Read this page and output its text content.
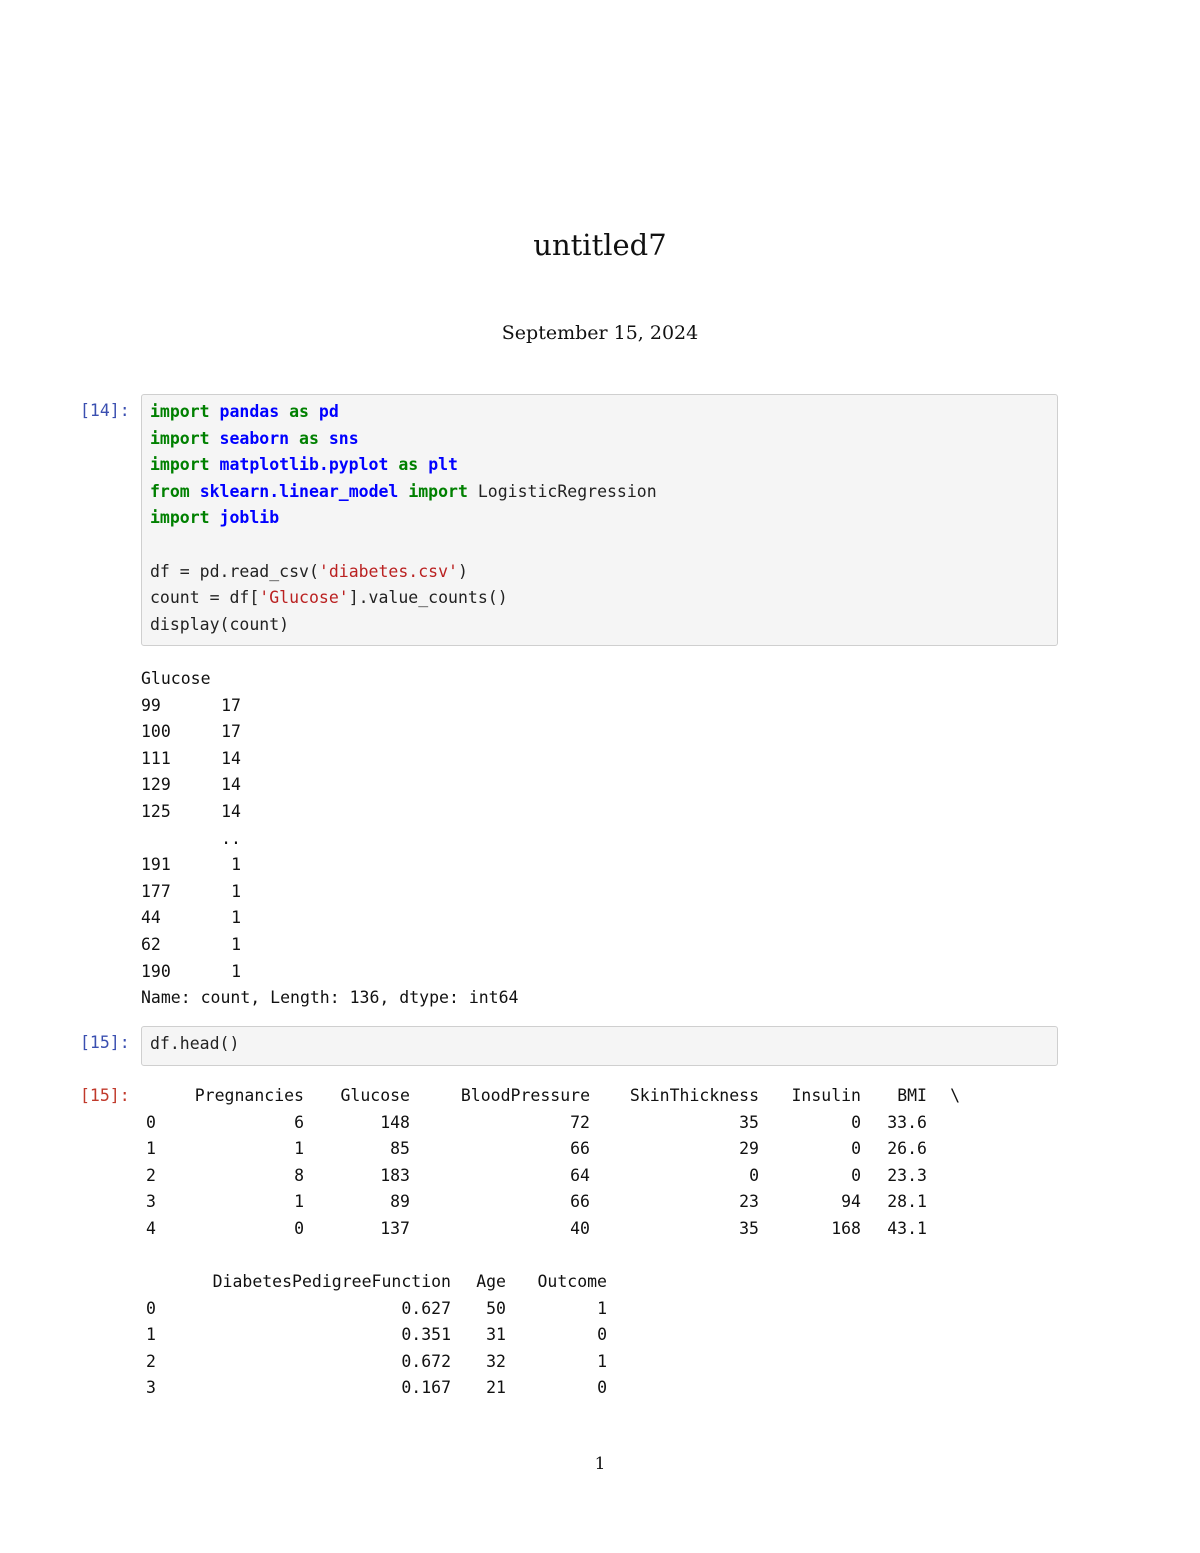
untitled7
September 15, 2024
[14]:	import pandas as pd
import seaborn as sns
import matplotlib.pyplot as plt
from sklearn.linear_model import LogisticRegression
import joblib
df = pd.read_csv('diabetes.csv')
count = df['Glucose'].value_counts()
display(count)
Glucose
99	17
100	17
111	14
129	14
125	14
	..
191	1
177	1
44	1
62	1
190	1
Name: count, Length: 136, dtype: int64
[15]:	df.head()
[15]:
		Pregnancies	Glucose	BloodPressure	SkinThickness	Insulin	BMI	\
0	6	148	72	35	0	33.6	
1	1	85	66	29	0	26.6	
2	8	183	64	0	0	23.3	
3	1	89	66	23	94	28.1	
4	0	137	40	35	168	43.1	
	DiabetesPedigreeFunction	Age	Outcome
0	0.627	50	1
1	0.351	31	0
2	0.672	32	1
3	0.167	21	0
1
